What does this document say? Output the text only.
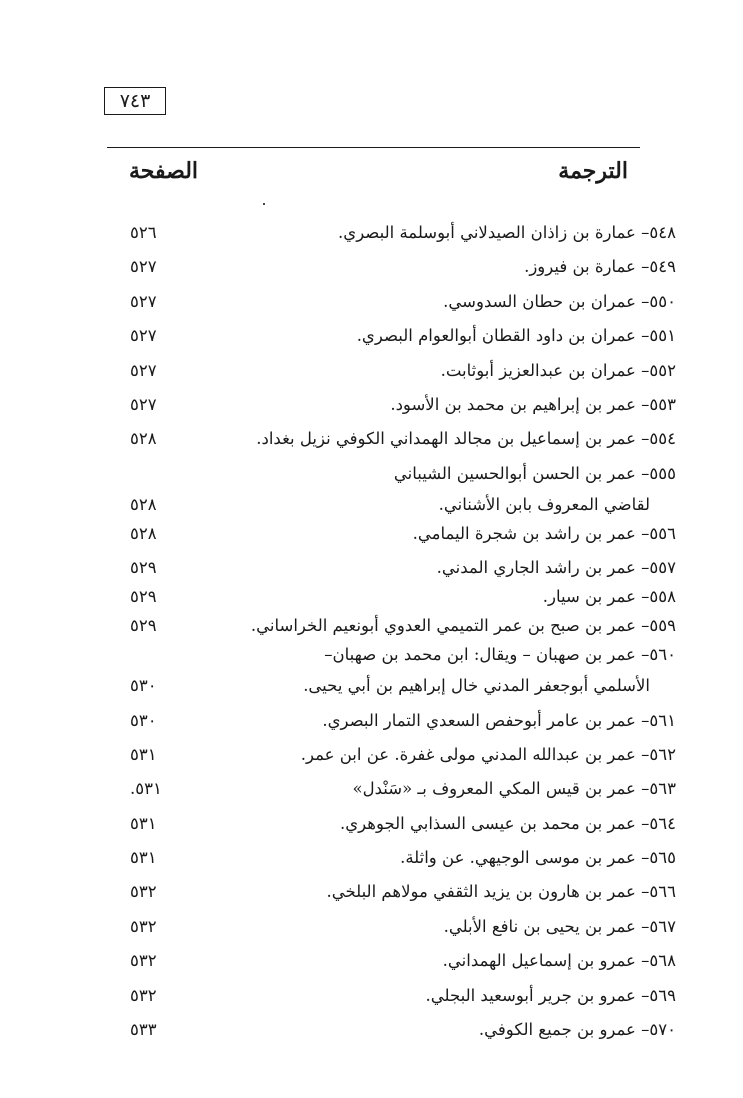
٧٤٣
الترجمة
الصفحة
٥٤٨– عمارة بن زاذان الصيدلاني أبوسلمة البصري.
٥٢٦
٥٤٩– عمارة بن فيروز.
٥٢٧
٥٥٠– عمران بن حطان السدوسي.
٥٢٧
٥٥١– عمران بن داود القطان أبوالعوام البصري.
٥٢٧
٥٥٢– عمران بن عبدالعزيز أبوثابت.
٥٢٧
٥٥٣– عمر بن إبراهيم بن محمد بن الأسود.
٥٢٧
٥٥٤– عمر بن إسماعيل بن مجالد الهمداني الكوفي نزيل بغداد.
٥٢٨
٥٥٥– عمر بن الحسن أبوالحسين الشيباني
لقاضي المعروف بابن الأشناني.
٥٢٨
٥٥٦– عمر بن راشد بن شجرة اليمامي.
٥٢٨
٥٥٧– عمر بن راشد الجاري المدني.
٥٢٩
٥٥٨– عمر بن سيار.
٥٢٩
٥٥٩– عمر بن صبح بن عمر التميمي العدوي أبونعيم الخراساني.
٥٢٩
٥٦٠– عمر بن صهبان – ويقال: ابن محمد بن صهبان–
الأسلمي أبوجعفر المدني خال إبراهيم بن أبي يحيى.
٥٣٠
٥٦١– عمر بن عامر أبوحفص السعدي التمار البصري.
٥٣٠
٥٦٢– عمر بن عبدالله المدني مولى غفرة. عن ابن عمر.
٥٣١
٥٦٣– عمر بن قيس المكي المعروف بـ «سَنْدل»
٥٣١.
٥٦٤– عمر بن محمد بن عيسى السذابي الجوهري.
٥٣١
٥٦٥– عمر بن موسى الوجيهي. عن واثلة.
٥٣١
٥٦٦– عمر بن هارون بن يزيد الثقفي مولاهم البلخي.
٥٣٢
٥٦٧– عمر بن يحيى بن نافع الأبلي.
٥٣٢
٥٦٨– عمرو بن إسماعيل الهمداني.
٥٣٢
٥٦٩– عمرو بن جرير أبوسعيد البجلي.
٥٣٢
٥٧٠– عمرو بن جميع الكوفي.
٥٣٣
